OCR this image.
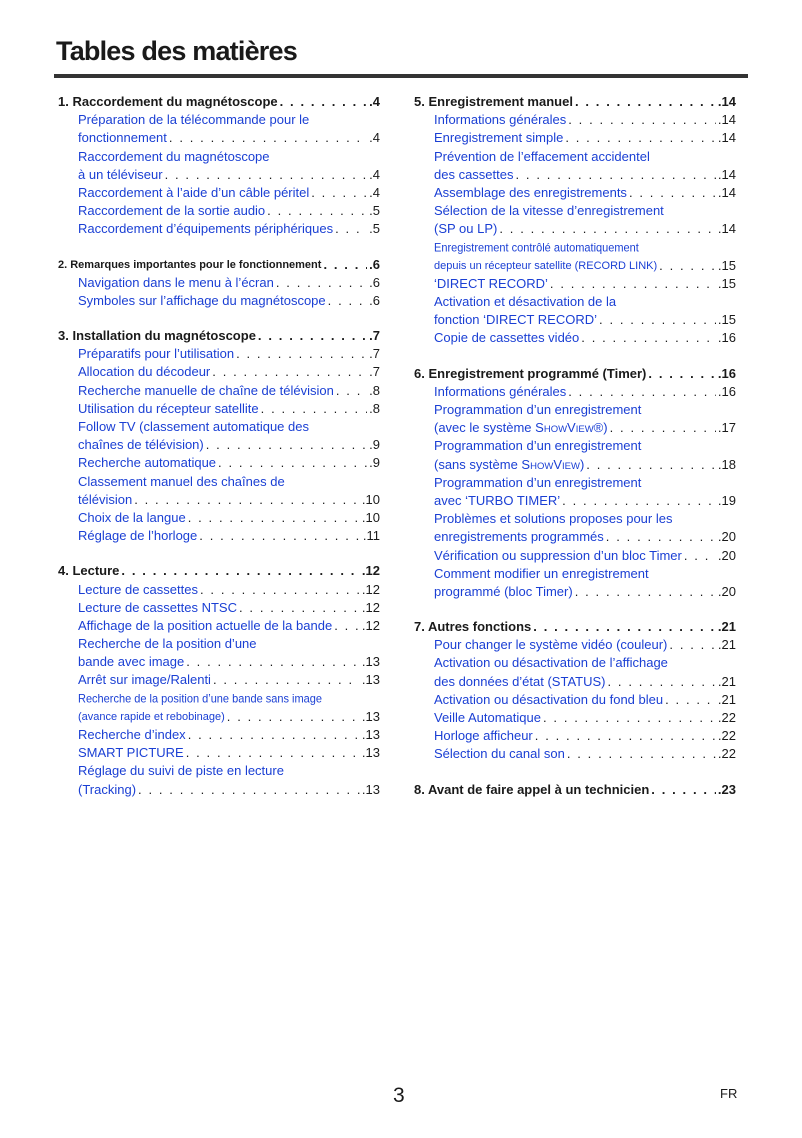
Tables des matières
1. Raccordement du magnétoscope . . .	.4
Préparation de la télécommande pour le
fonctionnement . . .	.4
Raccordement du magnétoscope
à un téléviseur . . .	.4
Raccordement à l’aide d’un câble péritel . . .	.4
Raccordement de la sortie audio . . .	.5
Raccordement d’équipements périphériques . . .	.5
2. Remarques importantes pour le fonctionnement . . .	.6
Navigation dans le menu à l’écran . . .	.6
Symboles sur l’affichage du magnétoscope . . .	.6
3. Installation du magnétoscope . . .	.7
Préparatifs pour l’utilisation . . .	.7
Allocation du décodeur . . .	.7
Recherche manuelle de chaîne de télévision . . .	.8
Utilisation du récepteur satellite . . .	.8
Follow TV (classement automatique des
chaînes de télévision) . . .	.9
Recherche automatique . . .	.9
Classement manuel des chaînes de
télévision . . .	.10
Choix de la langue . . .	.10
Réglage de l’horloge . . .	.11
4. Lecture . . .	.12
Lecture de cassettes . . .	.12
Lecture de cassettes NTSC . . .	.12
Affichage de la position actuelle de la bande . . . .12
Recherche de la position d’une
bande avec image . . .	.13
Arrêt sur image/Ralenti . . .	.13
Recherche de la position d’une bande sans image
(avance rapide et rebobinage) . . .	.13
Recherche d’index . . .	.13
SMART PICTURE . . .	.13
Réglage du suivi de piste en lecture
(Tracking) . . .	.13
5. Enregistrement manuel . . .	.14
Informations générales . . .	.14
Enregistrement simple . . .	.14
Prévention de l’effacement accidentel
des cassettes . . .	.14
Assemblage des enregistrements . . .	.14
Sélection de la vitesse d’enregistrement
(SP ou LP) . . .	.14
Enregistrement contrôlé automatiquement
depuis un récepteur satellite (RECORD LINK) . . .	.15
‘DIRECT RECORD’ . . .	.15
Activation et désactivation de la
fonction ‘DIRECT RECORD’ . . .	.15
Copie de cassettes vidéo . . .	.16
6. Enregistrement programmé (Timer) . . .	.16
Informations générales . . .	.16
Programmation d’un enregistrement
(avec le système SHOWVIEW®) . . .	.17
Programmation d’un enregistrement
(sans système SHOWVIEW) . . .	.18
Programmation d’un enregistrement
avec ‘TURBO TIMER’ . . .	.19
Problèmes et solutions proposes pour les
enregistrements programmés . . .	.20
Vérification ou suppression d’un bloc Timer . . .	.20
Comment modifier un enregistrement
programmé (bloc Timer) . . .	.20
7. Autres fonctions . . .	.21
Pour changer le système vidéo (couleur) . . .	.21
Activation ou désactivation de l’affichage
des données d’état (STATUS) . . .	.21
Activation ou désactivation du fond bleu . . .	.21
Veille Automatique . . .	.22
Horloge afficheur . . .	.22
Sélection du canal son . . .	.22
8. Avant de faire appel à un technicien . . .	.23
3	FR
